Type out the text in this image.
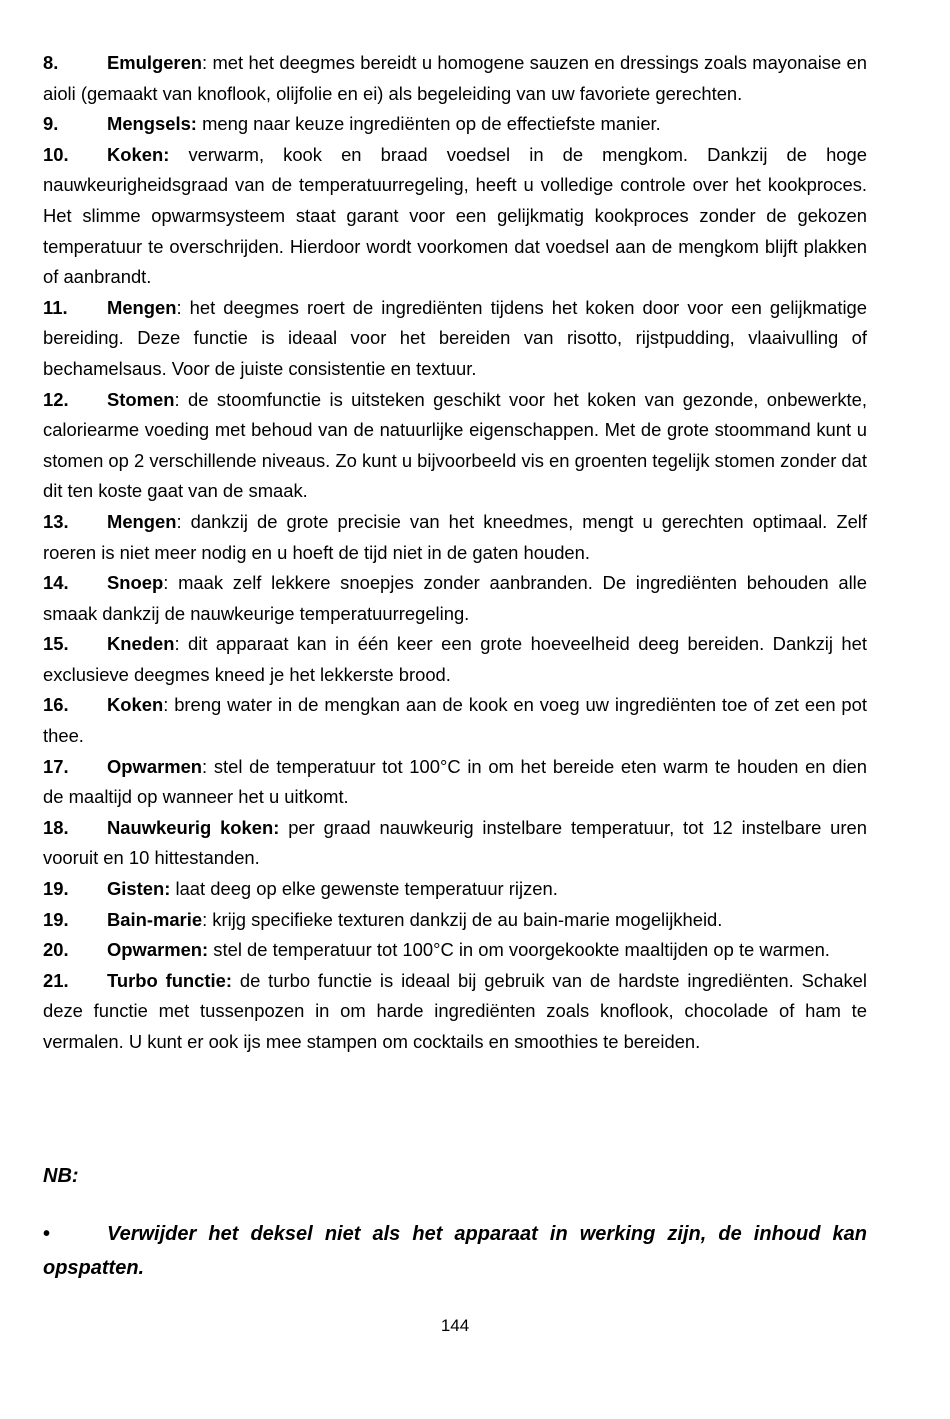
8.	Emulgeren: met het deegmes bereidt u homogene sauzen en dressings zoals mayonaise en aioli (gemaakt van knoflook, olijfolie en ei) als begeleiding van uw favoriete gerechten.

9.	Mengsels: meng naar keuze ingrediënten op de effectiefste manier.

10. Koken: verwarm, kook en braad voedsel in de mengkom. Dankzij de hoge nauwkeurigheidsgraad van de temperatuurregeling, heeft u volledige controle over het kookproces. Het slimme opwarmsysteem staat garant voor een gelijkmatig kookproces zonder de gekozen temperatuur te overschrijden. Hierdoor wordt voorkomen dat voedsel aan de mengkom blijft plakken of aanbrandt.

11. Mengen: het deegmes roert de ingrediënten tijdens het koken door voor een gelijkmatige bereiding. Deze functie is ideaal voor het bereiden van risotto, rijstpudding, vlaaivulling of bechamelsaus. Voor de juiste consistentie en textuur.

12. Stomen: de stoomfunctie is uitsteken geschikt voor het koken van gezonde, onbewerkte, caloriearme voeding met behoud van de natuurlijke eigenschappen. Met de grote stoommand kunt u stomen op 2 verschillende niveaus. Zo kunt u bijvoorbeeld vis en groenten tegelijk stomen zonder dat dit ten koste gaat van de smaak.

13. Mengen: dankzij de grote precisie van het kneedmes, mengt u gerechten optimaal. Zelf roeren is niet meer nodig en u hoeft de tijd niet in de gaten houden.

14. Snoep: maak zelf lekkere snoepjes zonder aanbranden. De ingrediënten behouden alle smaak dankzij de nauwkeurige temperatuurregeling.

15. Kneden: dit apparaat kan in één keer een grote hoeveelheid deeg bereiden. Dankzij het exclusieve deegmes kneed je het lekkerste brood.

16. Koken: breng water in de mengkan aan de kook en voeg uw ingrediënten toe of zet een pot thee.

17. Opwarmen: stel de temperatuur tot 100°C in om het bereide eten warm te houden en dien de maaltijd op wanneer het u uitkomt.

18. Nauwkeurig koken: per graad nauwkeurig instelbare temperatuur, tot 12 instelbare uren vooruit en 10 hittestanden.

19. Gisten: laat deeg op elke gewenste temperatuur rijzen.

19. Bain-marie: krijg specifieke texturen dankzij de au bain-marie mogelijkheid.

20. Opwarmen: stel de temperatuur tot 100°C in om voorgekookte maaltijden op te warmen.

21. Turbo functie: de turbo functie is ideaal bij gebruik van de hardste ingrediënten. Schakel deze functie met tussenpozen in om harde ingrediënten zoals knoflook, chocolade of ham te vermalen. U kunt er ook ijs mee stampen om cocktails en smoothies te bereiden.

NB:
•	Verwijder het deksel niet als het apparaat in werking zijn, de inhoud kan opspatten.
144
